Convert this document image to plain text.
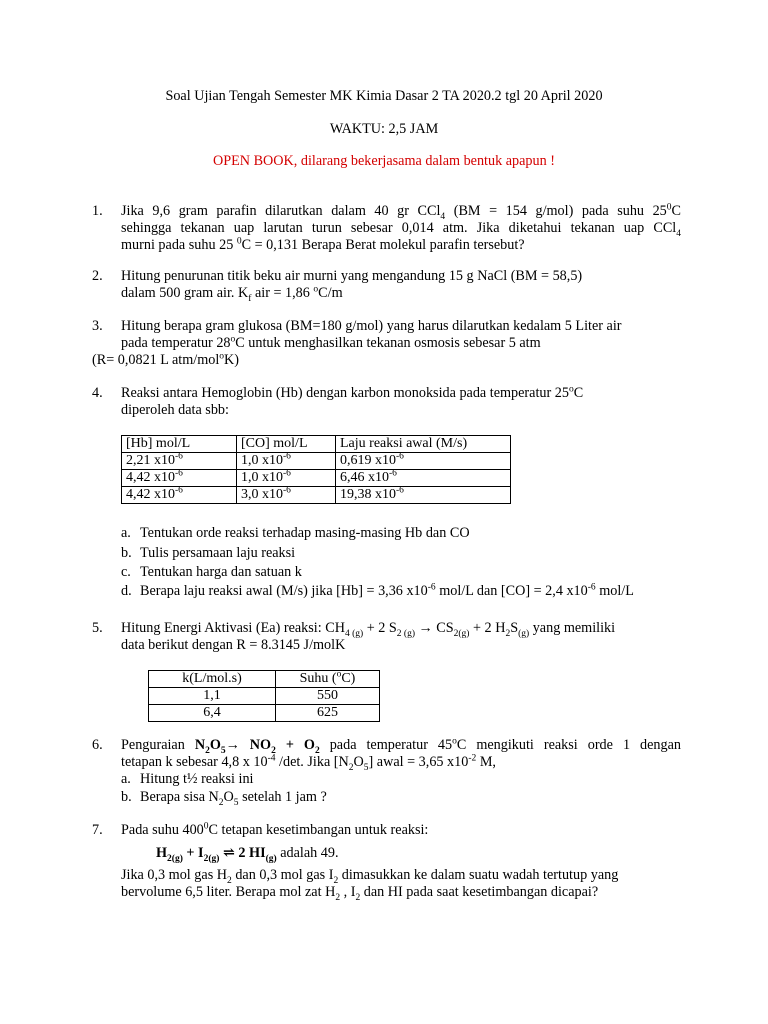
Soal Ujian Tengah Semester MK Kimia Dasar 2 TA 2020.2 tgl 20 April 2020
WAKTU: 2,5 JAM
OPEN BOOK, dilarang bekerjasama dalam bentuk apapun !
1. Jika 9,6 gram parafin dilarutkan dalam 40 gr CCl$_4$ (BM = 154 g/mol) pada suhu $25^0C$
sehingga tekanan uap larutan turun sebesar 0,014 atm. Jika diketahui tekanan uap CCl$_4$
murni pada suhu 25 $^0$C = 0,131 Berapa Berat molekul parafin tersebut?
2. Hitung penurunan titik beku air murni yang mengandung 15 g NaCl (BM = 58,5)
dalam 500 gram air. $K_f$ air = 1,86 $^o$C/m
3. Hitung berapa gram glukosa (BM=180 g/mol) yang harus dilarutkan kedalam 5 Liter air
pada temperatur 28$^o$C untuk menghasilkan tekanan osmosis sebesar 5 atm
(R= 0,0821 L atm/mol$^o$K)
4. Reaksi antara Hemoglobin (Hb) dengan karbon monoksida pada temperatur 25$^o$C
diperoleh data sbb:
[Hb] mol/L	[CO] mol/L	Laju reaksi awal (M/s)
2,21 $x10^{-6}$	1,0 $x10^{-6}$	0,619 $x10^{-6}$
4,42 $x10^{-6}$	1,0 $x10^{-6}$	6,46 $x10^{-6}$
4,42 $x10^{-6}$	3,0 $x10^{-6}$	19,38 $x10^{-6}$
a. Tentukan orde reaksi terhadap masing-masing Hb dan CO
b. Tulis persamaan laju reaksi
c. Tentukan harga dan satuan k
d. Berapa laju reaksi awal (M/s) jika [Hb] = 3,36 $x10^{-6}$ mol/L dan [CO] = 2,4 $x10^{-6}$ mol/L
5. Hitung Energi Aktivasi (Ea) reaksi: $CH_{4 (g)} + 2$ $S_{2 (g)} \to CS_{2(g)} + 2$ $H_2S_{(g)}$ yang memiliki
data berikut dengan R = 8.3145 J/molK
k(L/mol.s)	Suhu ($^o$C)
1,1	550
6,4	625
6. Penguraian $N_2O_5\to NO_2 + O_2$ pada temperatur 45$^o$C mengikuti reaksi orde 1 dengan
tetapan k sebesar 4,8 x $10^{-4}$ /det. Jika $[N_2O_5]$ awal = 3,65 $x10^{-2}$ M,
a. Hitung t½ reaksi ini
b. Berapa sisa $N_2O_5$ setelah 1 jam ?
7. Pada suhu $400^0C$ tetapan kesetimbangan untuk reaksi:
$H_{2(g)} + I_{2(g)}$ ⇌ 2 $HI_{(g)}$ adalah 49.
Jika 0,3 mol gas $H_2$ dan 0,3 mol gas $I_2$ dimasukkan ke dalam suatu wadah tertutup yang
bervolume 6,5 liter. Berapa mol zat $H_2$ , $I_2$ dan HI pada saat kesetimbangan dicapai?
